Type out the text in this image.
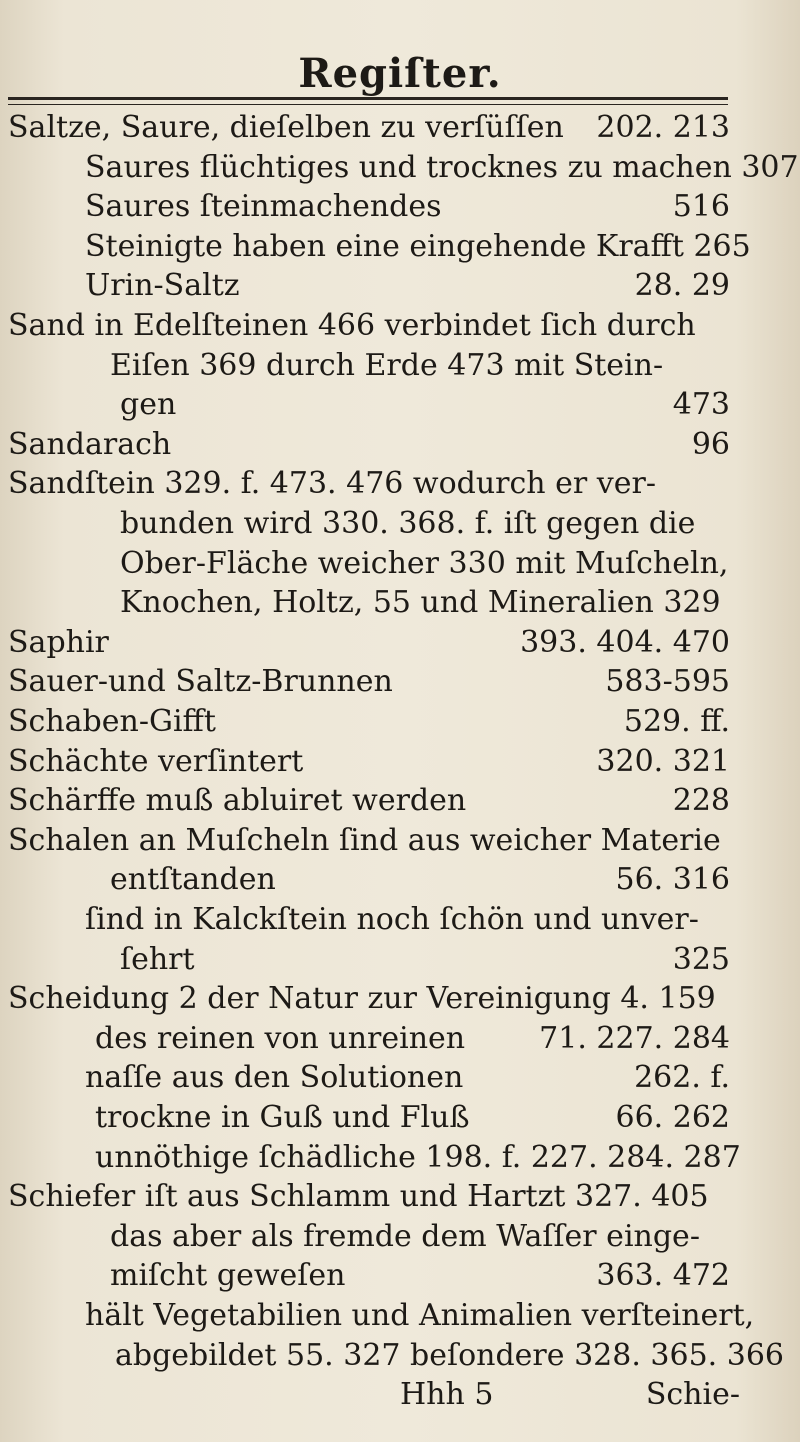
Regiſter.
Saltze, Saure, dieſelben zu verſüſſen 202. 213
Saures flüchtiges und trocknes zu machen 307
Saures ſteinmachendes	516
Steinigte haben eine eingehende Krafft 265
Urin-Saltz	28. 29
Sand in Edelſteinen 466 verbindet ſich durch
Eiſen 369 durch Erde 473 mit Stein-
gen	473
Sandarach	96
Sandſtein 329. f. 473. 476 wodurch er ver-
bunden wird 330. 368. f. iſt gegen die
Ober-Fläche weicher 330 mit Muſcheln,
Knochen, Holtz, 55 und Mineralien 329
Saphir	393. 404. 470
Sauer-und Saltz-Brunnen	583-595
Schaben-Gifft	529. ff.
Schächte verſintert	320. 321
Schärffe muß abluiret werden	228
Schalen an Muſcheln ſind aus weicher Materie
entſtanden	56. 316
ſind in Kalckſtein noch ſchön und unver-
ſehrt	325
Scheidung 2 der Natur zur Vereinigung 4. 159
des reinen von unreinen 71. 227. 284
naſſe aus den Solutionen	262. f.
trockne in Guß und Fluß	66. 262
unnöthige ſchädliche 198. f. 227. 284. 287
Schiefer iſt aus Schlamm und Hartzt 327. 405
das aber als fremde dem Waſſer einge-
miſcht geweſen	363. 472
hält Vegetabilien und Animalien verſteinert,
abgebildet 55. 327 beſondere 328. 365. 366
Hhh 5	Schie-
